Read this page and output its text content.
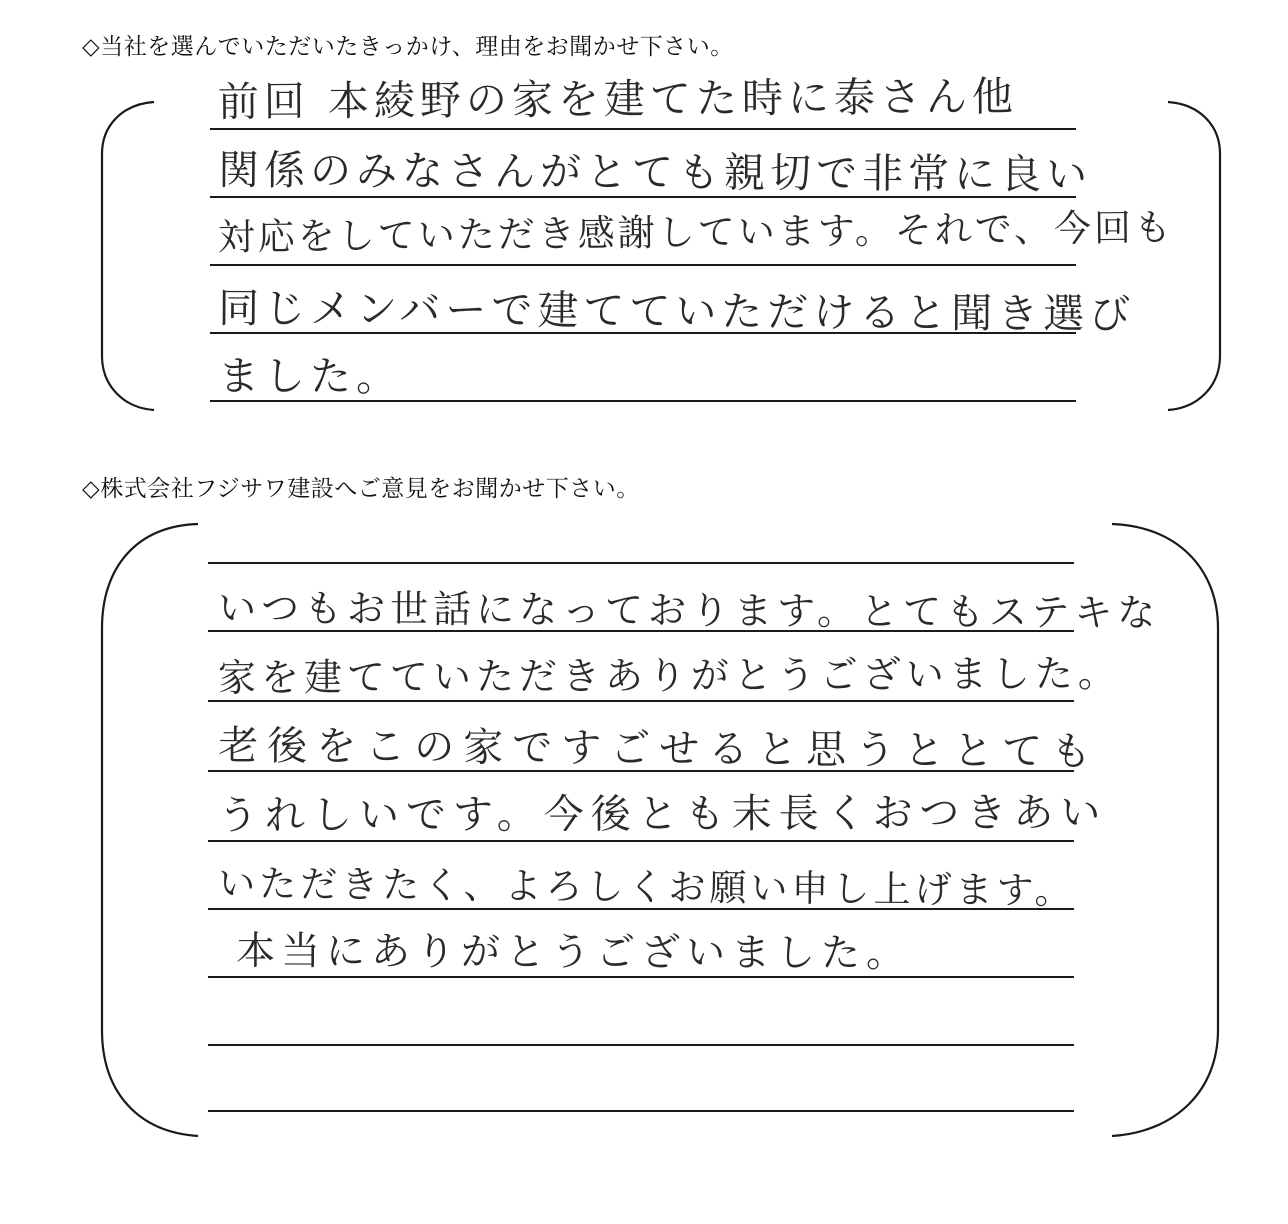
◇当社を選んでいただいたきっかけ、理由をお聞かせ下さい。
◇株式会社フジサワ建設へご意見をお聞かせ下さい。
前回 本綾野の家を建てた時に泰さん他
関係のみなさんがとても親切で非常に良い
対応をしていただき感謝しています。それで、今回も
同じメンバーで建てていただけると聞き選び
ました。
いつもお世話になっております。とてもステキな
家を建てていただきありがとうございました。
老後をこの家ですごせると思うととても
うれしいです。今後とも末長くおつきあい
いただきたく、よろしくお願い申し上げます。
本当にありがとうございました。
